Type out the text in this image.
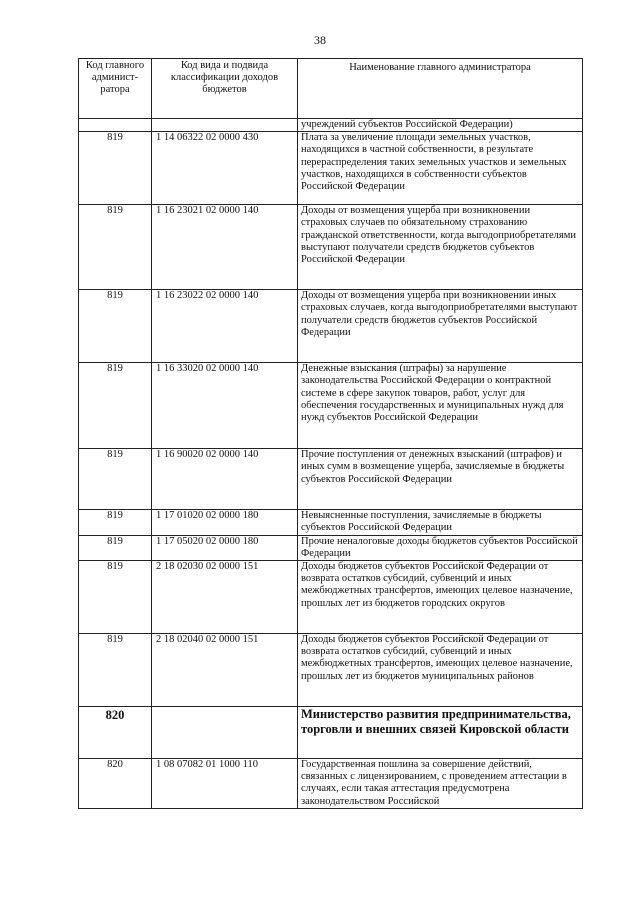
38
Код главного админист-ратора	Код вида и подвида классификации доходов бюджетов	Наименование главного администратора
		учреждений субъектов Российской Федерации)
819	1 14 06322 02 0000 430	Плата за увеличение площади земельных участков, находящихся в частной собственности, в результате перераспределения таких земельных участков и земельных участков, находящихся в собственности субъектов Российской Федерации
819	1 16 23021 02 0000 140	Доходы от возмещения ущерба при возникновении страховых случаев по обязательному страхованию гражданской ответственности, когда выгодоприобретателями выступают получатели средств бюджетов субъектов Российской Федерации
819	1 16 23022 02 0000 140	Доходы от возмещения ущерба при возникновении иных страховых случаев, когда выгодоприобретателями выступают получатели средств бюджетов субъектов Российской Федерации
819	1 16 33020 02 0000 140	Денежные взыскания (штрафы) за нарушение законодательства Российской Федерации о контрактной системе в сфере закупок товаров, работ, услуг для обеспечения государственных и муниципальных нужд для нужд субъектов Российской Федерации
819	1 16 90020 02 0000 140	Прочие поступления от денежных взысканий (штрафов) и иных сумм в возмещение ущерба, зачисляемые в бюджеты субъектов Российской Федерации
819	1 17 01020 02 0000 180	Невыясненные поступления, зачисляемые в бюджеты субъектов Российской Федерации
819	1 17 05020 02 0000 180	Прочие неналоговые доходы бюджетов субъектов Российской Федерации
819	2 18 02030 02 0000 151	Доходы бюджетов субъектов Российской Федерации от возврата остатков субсидий, субвенций и иных межбюджетных трансфертов, имеющих целевое назначение, прошлых лет из бюджетов городских округов
819	2 18 02040 02 0000 151	Доходы бюджетов субъектов Российской Федерации от возврата остатков субсидий, субвенций и иных межбюджетных трансфертов, имеющих целевое назначение, прошлых лет из бюджетов муниципальных районов
820		Министерство развития предпринимательства, торговли и внешних связей Кировской области
820	1 08 07082 01 1000 110	Государственная пошлина за совершение действий, связанных с лицензированием, с проведением аттестации в случаях, если такая аттестация предусмотрена законодательством Российской
